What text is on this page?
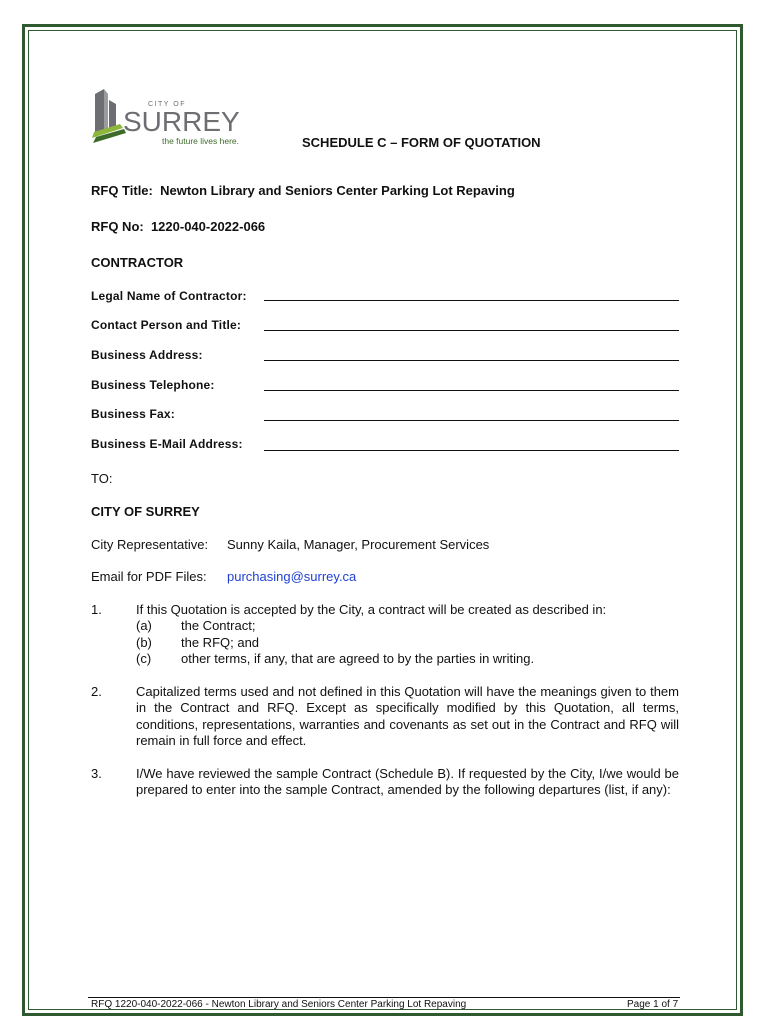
CITY OF
SURREY
the future lives here.	SCHEDULE C – FORM OF QUOTATION
RFQ Title: Newton Library and Seniors Center Parking Lot Repaving
RFQ No: 1220-040-2022-066
CONTRACTOR
Legal Name of Contractor:
Contact Person and Title:
Business Address:
Business Telephone:
Business Fax:
Business E-Mail Address:
TO:
CITY OF SURREY
City Representative: Sunny Kaila, Manager, Procurement Services
Email for PDF Files: purchasing@surrey.ca
1.	If this Quotation is accepted by the City, a contract will be created as described in:
(a) the Contract;
(b) the RFQ; and
(c) other terms, if any, that are agreed to by the parties in writing.
2.	Capitalized terms used and not defined in this Quotation will have the meanings given to them in the Contract and RFQ. Except as specifically modified by this Quotation, all terms, conditions, representations, warranties and covenants as set out in the Contract and RFQ will remain in full force and effect.
3.	I/We have reviewed the sample Contract (Schedule B). If requested by the City, I/we would be prepared to enter into the sample Contract, amended by the following departures (list, if any):
RFQ 1220-040-2022-066 - Newton Library and Seniors Center Parking Lot Repaving	Page 1 of 7
